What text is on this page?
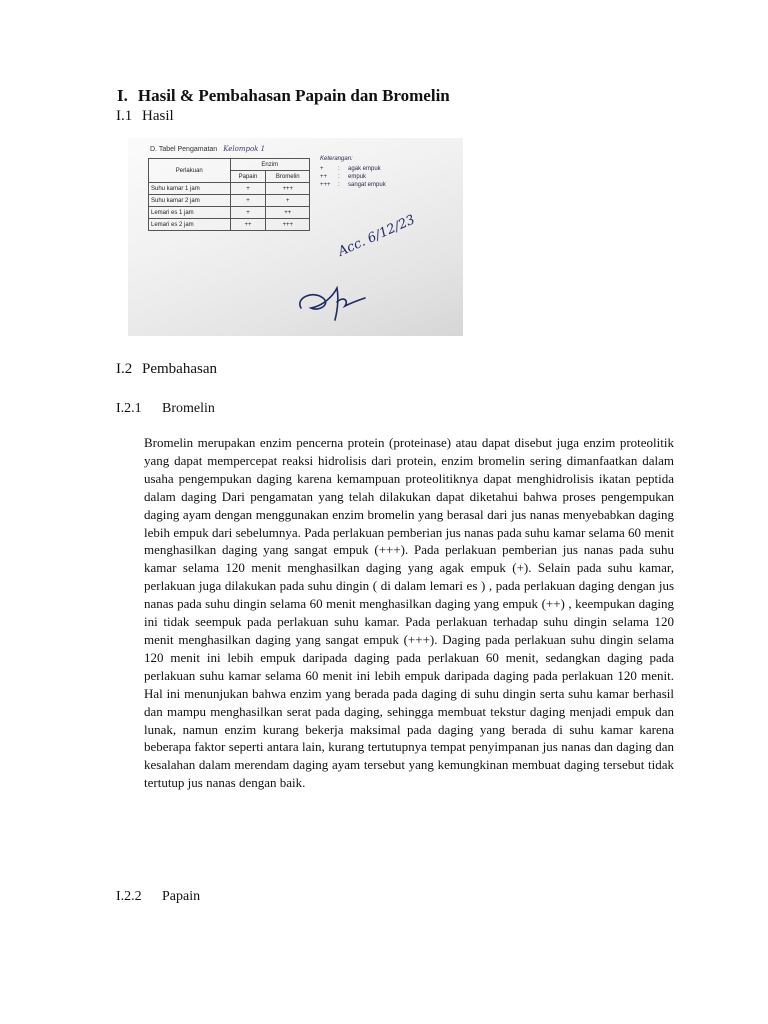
I. Hasil & Pembahasan Papain dan Bromelin
I.1 Hasil
D. Tabel Pengamatan Kelompok 1
Perlakuan	Enzim	
	Papain	Bromelin
Suhu kamar 1 jam	+	+++
Suhu kamar 2 jam	+	+
Lemari es 1 jam	+	++
Lemari es 2 jam	++	+++
Keterangan:
+ : agak empuk
++ : empuk
+++ : sangat empuk
Acc. 6/12/23
I.2 Pembahasan
I.2.1 Bromelin

Bromelin merupakan enzim pencerna protein (proteinase) atau dapat disebut juga enzim proteolitik yang dapat mempercepat reaksi hidrolisis dari protein, enzim bromelin sering dimanfaatkan dalam usaha pengempukan daging karena kemampuan proteolitiknya dapat menghidrolisis ikatan peptida dalam daging Dari pengamatan yang telah dilakukan dapat diketahui bahwa proses pengempukan daging ayam dengan menggunakan enzim bromelin yang berasal dari jus nanas menyebabkan daging lebih empuk dari sebelumnya. Pada perlakuan pemberian jus nanas pada suhu kamar selama 60 menit menghasilkan daging yang sangat empuk (+++). Pada perlakuan pemberian jus nanas pada suhu kamar selama 120 menit menghasilkan daging yang agak empuk (+). Selain pada suhu kamar, perlakuan juga dilakukan pada suhu dingin ( di dalam lemari es ) , pada perlakuan daging dengan jus nanas pada suhu dingin selama 60 menit menghasilkan daging yang empuk (++) , keempukan daging ini tidak seempuk pada perlakuan suhu kamar. Pada perlakuan terhadap suhu dingin selama 120 menit menghasilkan daging yang sangat empuk (+++). Daging pada perlakuan suhu dingin selama 120 menit ini lebih empuk daripada daging pada perlakuan 60 menit, sedangkan daging pada perlakuan suhu kamar selama 60 menit ini lebih empuk daripada daging pada perlakuan 120 menit. Hal ini menunjukan bahwa enzim yang berada pada daging di suhu dingin serta suhu kamar berhasil dan mampu menghasilkan serat pada daging, sehingga membuat tekstur daging menjadi empuk dan lunak, namun enzim kurang bekerja maksimal pada daging yang berada di suhu kamar karena beberapa faktor seperti antara lain, kurang tertutupnya tempat penyimpanan jus nanas dan daging dan kesalahan dalam merendam daging ayam tersebut yang kemungkinan membuat daging tersebut tidak tertutup jus nanas dengan baik.

I.2.2 Papain
